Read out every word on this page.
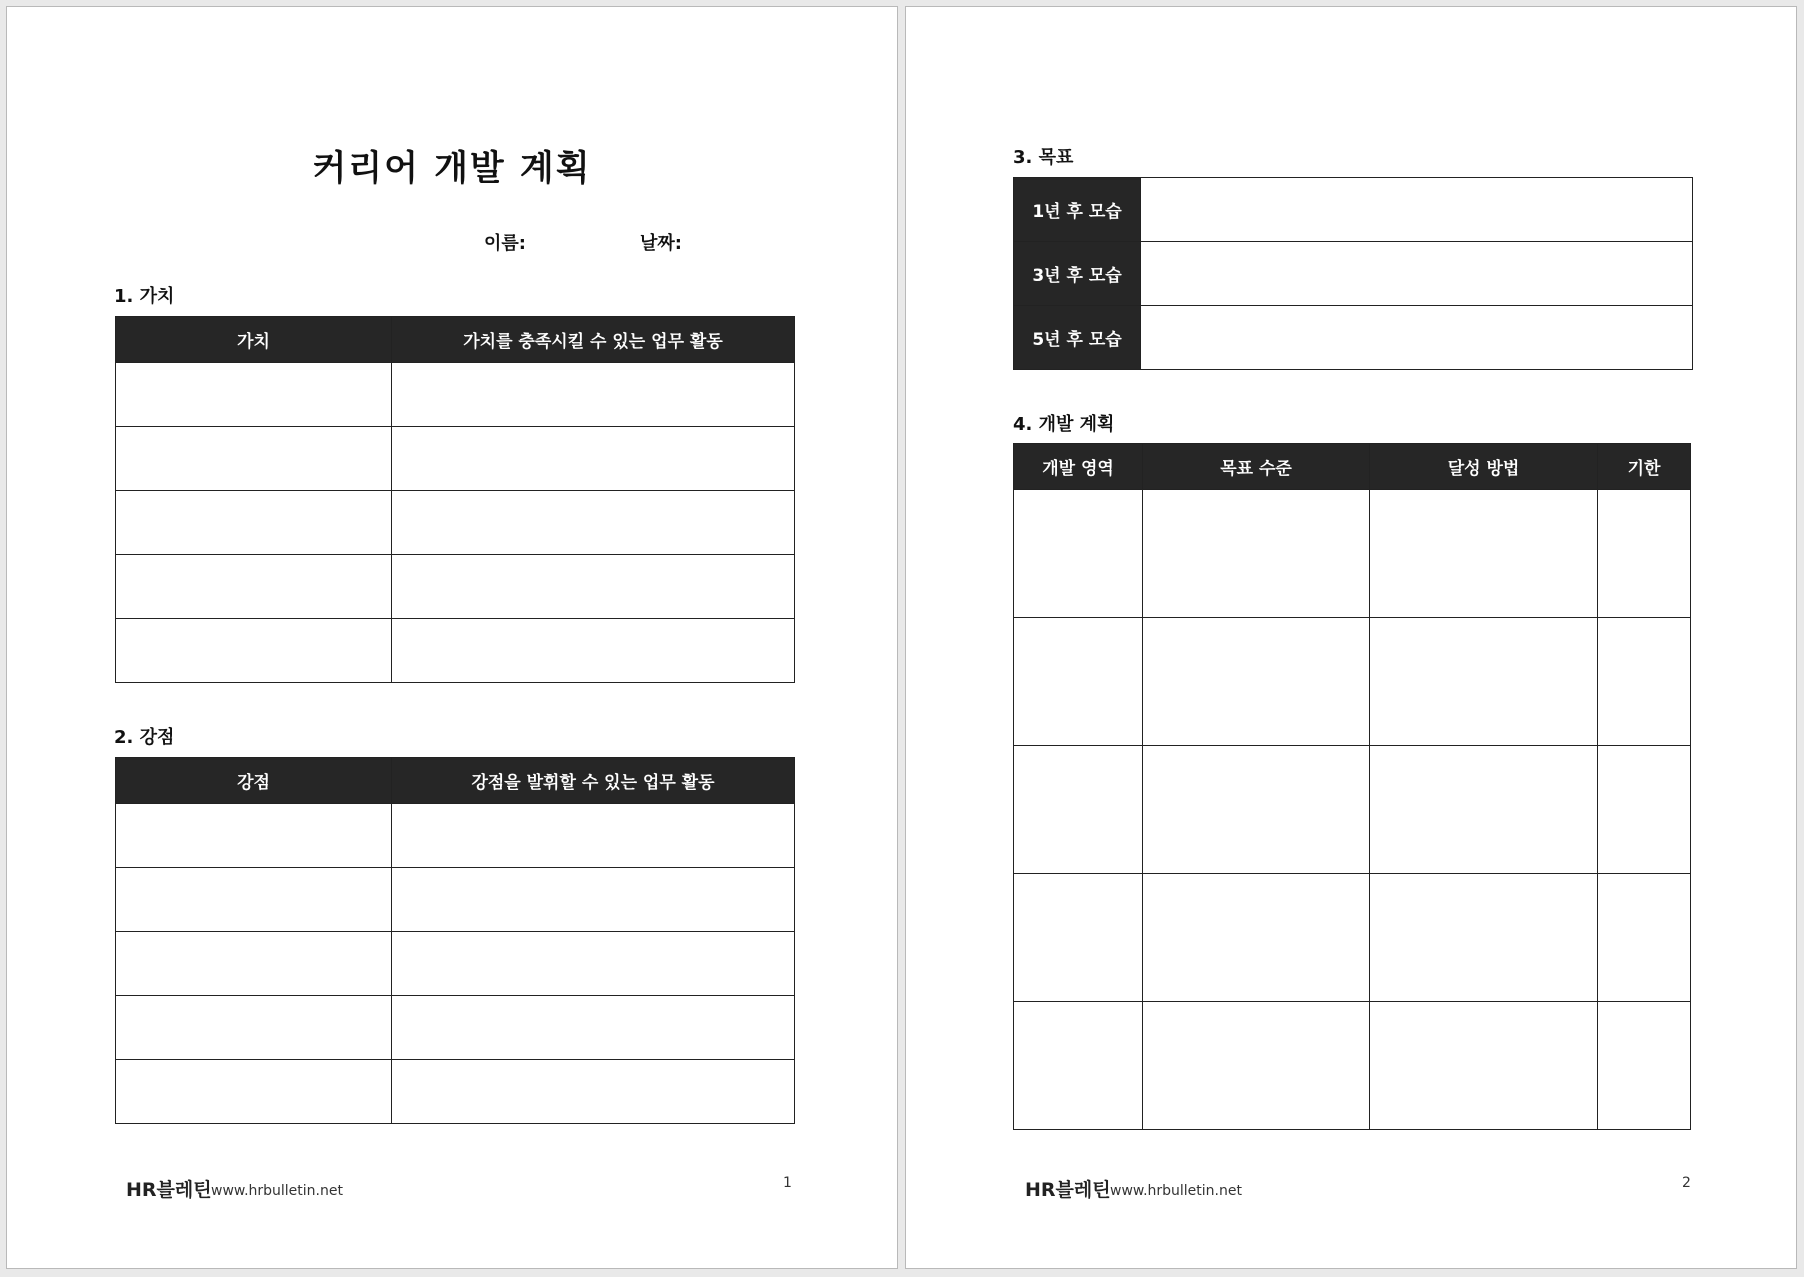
커리어 개발 계획
이름:	날짜:
1. 가치
가치	가치를 충족시킬 수 있는 업무 활동

2. 강점
강점	강점을 발휘할 수 있는 업무 활동

HR블레틴 www.hrbulletin.net	1
3. 목표
1년 후 모습	
3년 후 모습	
5년 후 모습	
4. 개발 계획
개발 영역	목표 수준	달성 방법	기한

HR블레틴 www.hrbulletin.net	2
